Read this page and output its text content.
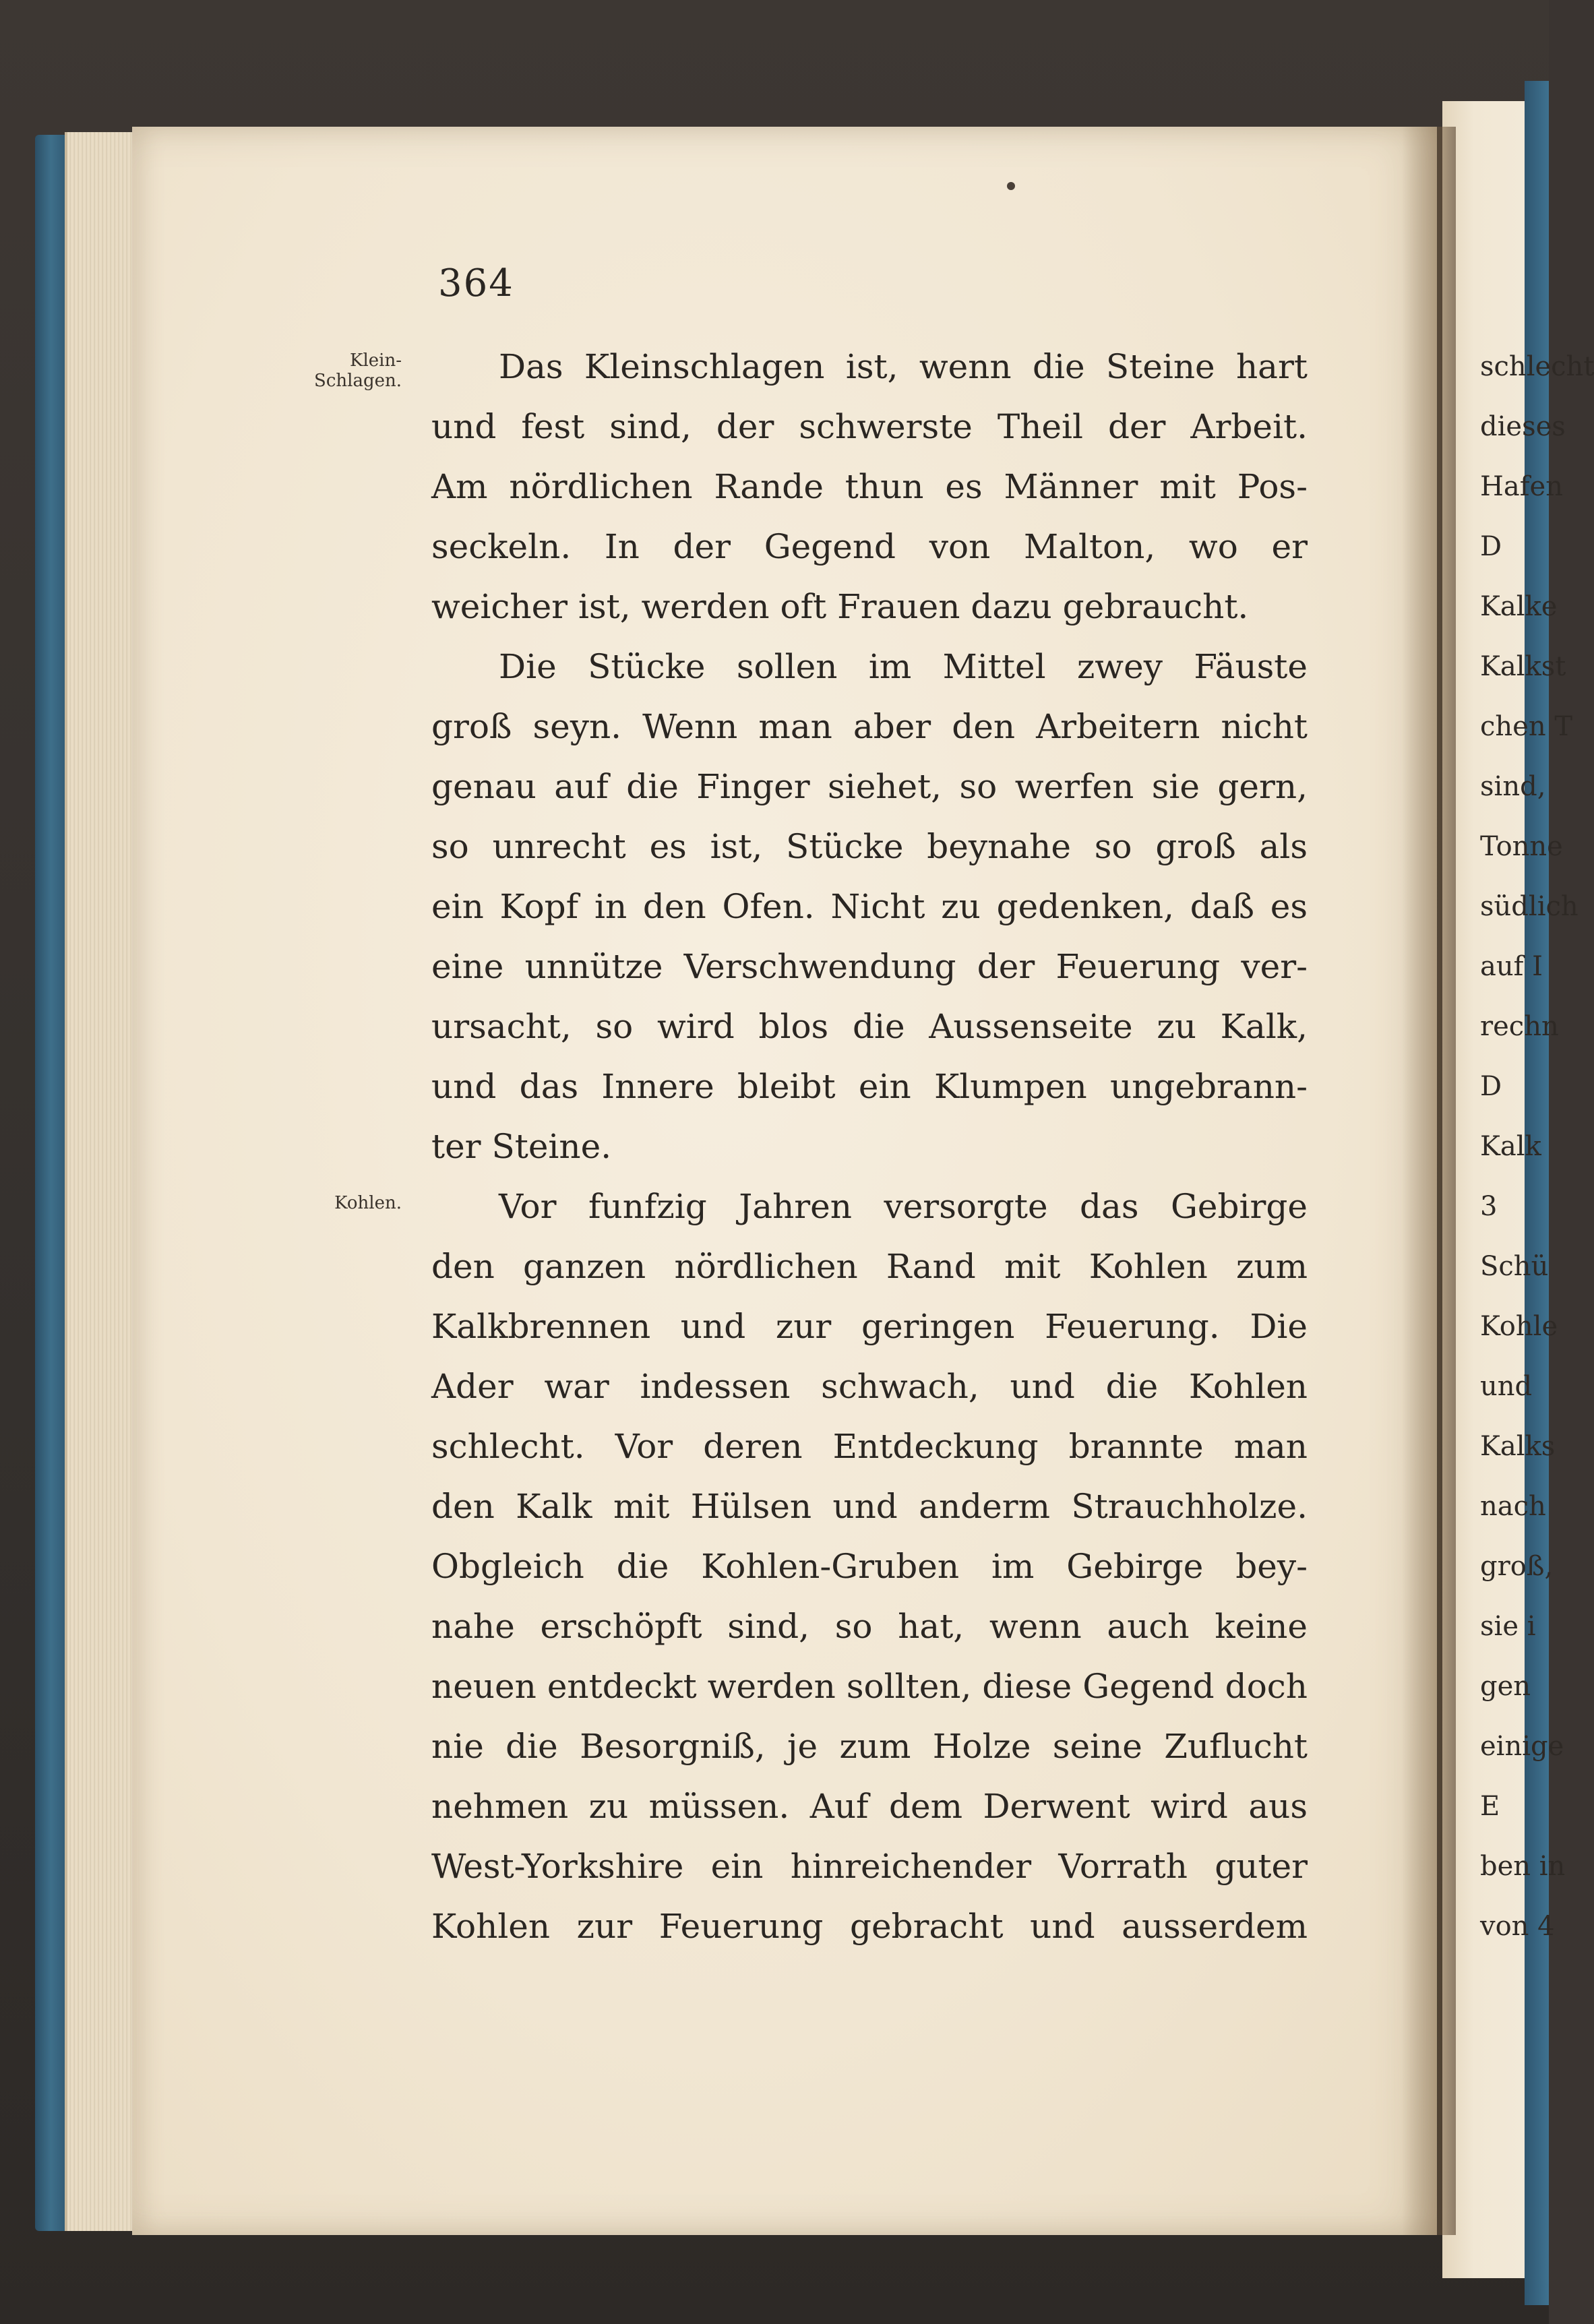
364
Klein-
Schlagen.
Kohlen.
Das Kleinschlagen ist, wenn die Steine hart
und fest sind, der schwerste Theil der Arbeit.
Am nördlichen Rande thun es Männer mit Pos-
seckeln. In der Gegend von Malton, wo er
weicher ist, werden oft Frauen dazu gebraucht.
Die Stücke sollen im Mittel zwey Fäuste
groß seyn. Wenn man aber den Arbeitern nicht
genau auf die Finger siehet, so werfen sie gern,
so unrecht es ist, Stücke beynahe so groß als
ein Kopf in den Ofen. Nicht zu gedenken, daß es
eine unnütze Verschwendung der Feuerung ver-
ursacht, so wird blos die Aussenseite zu Kalk,
und das Innere bleibt ein Klumpen ungebrann-
ter Steine.
Vor funfzig Jahren versorgte das Gebirge
den ganzen nördlichen Rand mit Kohlen zum
Kalkbrennen und zur geringen Feuerung. Die
Ader war indessen schwach, und die Kohlen
schlecht. Vor deren Entdeckung brannte man
den Kalk mit Hülsen und anderm Strauchholze.
Obgleich die Kohlen-Gruben im Gebirge bey-
nahe erschöpft sind, so hat, wenn auch keine
neuen entdeckt werden sollten, diese Gegend doch
nie die Besorgniß, je zum Holze seine Zuflucht
nehmen zu müssen. Auf dem Derwent wird aus
West-Yorkshire ein hinreichender Vorrath guter
Kohlen zur Feuerung gebracht und ausserdem
schlecht
dieses
Hafen
D
Kalke
Kalkst
chen T
sind,
Tonne
südlich
auf I
rechn
D
Kalk
3
Schü
Kohle
und
Kalks
nach
groß,
sie i
gen
einige
E
ben in
von 4
